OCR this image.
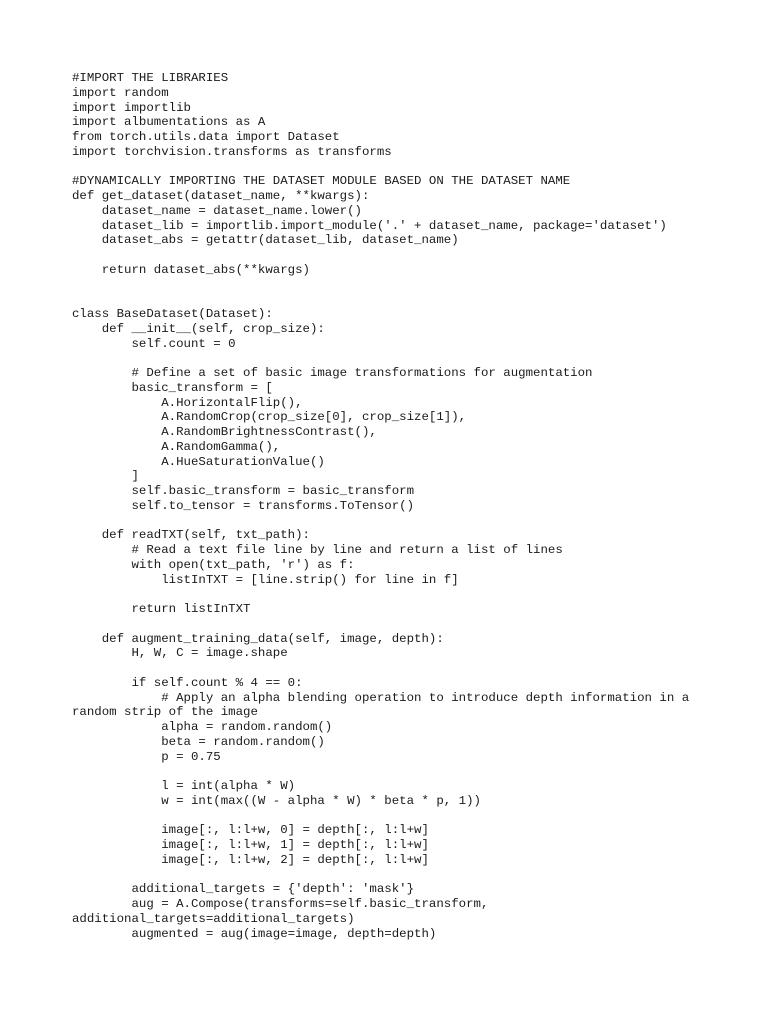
#IMPORT THE LIBRARIES
import random
import importlib
import albumentations as A
from torch.utils.data import Dataset
import torchvision.transforms as transforms
#DYNAMICALLY IMPORTING THE DATASET MODULE BASED ON THE DATASET NAME
def get_dataset(dataset_name, **kwargs):
dataset_name = dataset_name.lower()
dataset_lib = importlib.import_module('.' + dataset_name, package='dataset')
dataset_abs = getattr(dataset_lib, dataset_name)
return dataset_abs(**kwargs)
class BaseDataset(Dataset):
def __init__(self, crop_size):
self.count = 0
# Define a set of basic image transformations for augmentation
basic_transform = [
A.HorizontalFlip(),
A.RandomCrop(crop_size[0], crop_size[1]),
A.RandomBrightnessContrast(),
A.RandomGamma(),
A.HueSaturationValue()
]
self.basic_transform = basic_transform
self.to_tensor = transforms.ToTensor()
def readTXT(self, txt_path):
# Read a text file line by line and return a list of lines
with open(txt_path, 'r') as f:
listInTXT = [line.strip() for line in f]
return listInTXT
def augment_training_data(self, image, depth):
H, W, C = image.shape
if self.count % 4 == 0:
# Apply an alpha blending operation to introduce depth information in a
random strip of the image
alpha = random.random()
beta = random.random()
p = 0.75
l = int(alpha * W)
w = int(max((W - alpha * W) * beta * p, 1))
image[:, l:l+w, 0] = depth[:, l:l+w]
image[:, l:l+w, 1] = depth[:, l:l+w]
image[:, l:l+w, 2] = depth[:, l:l+w]
additional_targets = {'depth': 'mask'}
aug = A.Compose(transforms=self.basic_transform,
additional_targets=additional_targets)
augmented = aug(image=image, depth=depth)
